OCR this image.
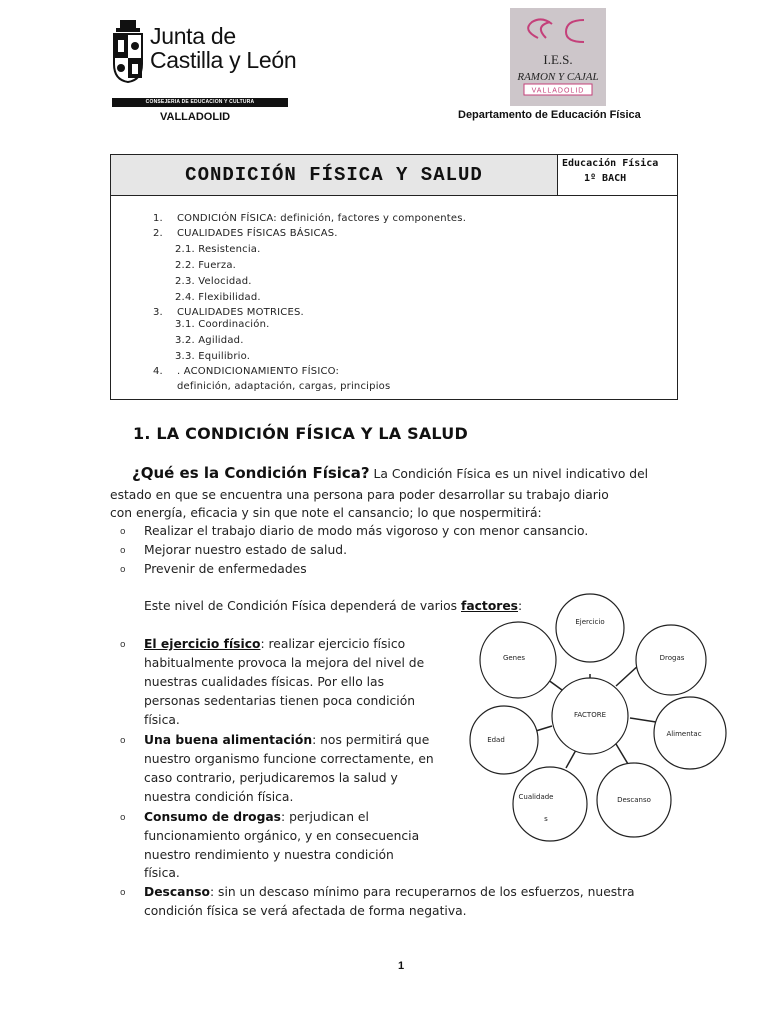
Junta de
Castilla y León
CONSEJERIA DE EDUCACION Y CULTURA
VALLADOLID
I.E.S.
RAMON Y CAJAL
VALLADOLID
Departamento de Educación Física
CONDICIÓN FÍSICA Y SALUD
Educación Física
1º BACH
1. CONDICIÓN FÍSICA: definición, factores y componentes.
2. CUALIDADES FÍSICAS BÁSICAS.
2.1. Resistencia.
2.2. Fuerza.
2.3. Velocidad.
2.4. Flexibilidad.
3. CUALIDADES MOTRICES.
3.1. Coordinación.
3.2. Agilidad.
3.3. Equilibrio.
4. . ACONDICIONAMIENTO FÍSICO:
definición, adaptación, cargas, principios
1. LA CONDICIÓN FÍSICA Y LA SALUD
¿Qué es la Condición Física? La Condición Física es un nivel indicativo del
estado en que se encuentra una persona para poder desarrollar su trabajo diario
con energía, eficacia y sin que note el cansancio; lo que nospermitirá:
o Realizar el trabajo diario de modo más vigoroso y con menor cansancio.
o Mejorar nuestro estado de salud.
o Prevenir de enfermedades
Este nivel de Condición Física dependerá de varios factores:
o El ejercicio físico: realizar ejercicio físico
habitualmente provoca la mejora del nivel de
nuestras cualidades físicas. Por ello las
personas sedentarias tienen poca condición
física.
o Una buena alimentación: nos permitirá que
nuestro organismo funcione correctamente, en
caso contrario, perjudicaremos la salud y
nuestra condición física.
o Consumo de drogas: perjudican el
funcionamiento orgánico, y en consecuencia
nuestro rendimiento y nuestra condición
física.
o Descanso: sin un descaso mínimo para recuperarnos de los esfuerzos, nuestra
condición física se verá afectada de forma negativa.
FACTORE
Ejercicio
Drogas
Alimentac
Descanso
Cualidade
s
Edad
Genes
1
